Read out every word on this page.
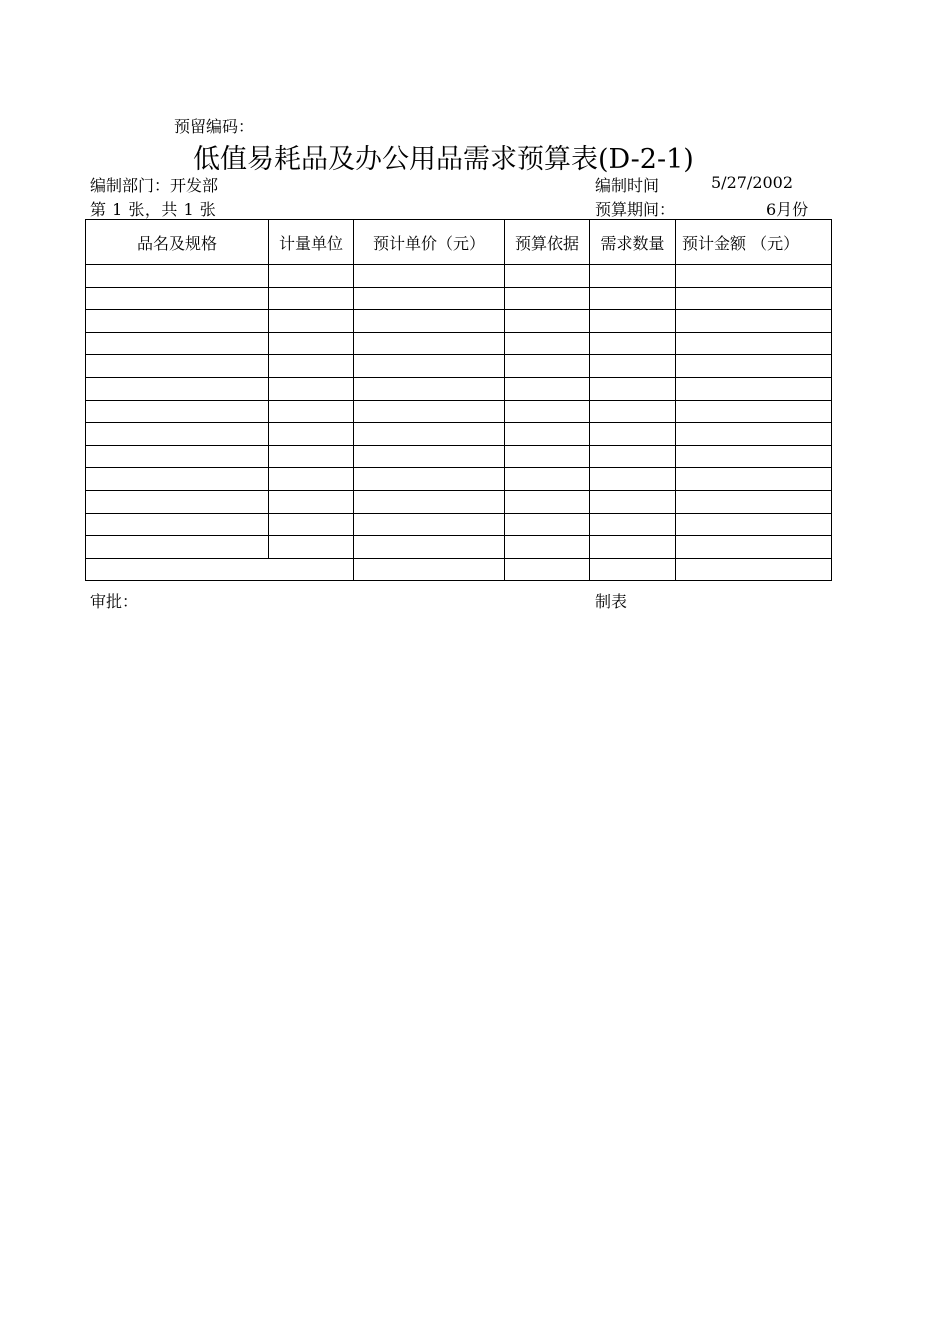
预留编码：
低值易耗品及办公用品需求预算表(D-2-1)
编制部门：开发部	编制时间	5/27/2002
第 1 张，共 1 张	预算期间：	6月份
品名及规格	计量单位	预计单价（元）	预算依据	需求数量	预计金额 （元）

审批：	制表
